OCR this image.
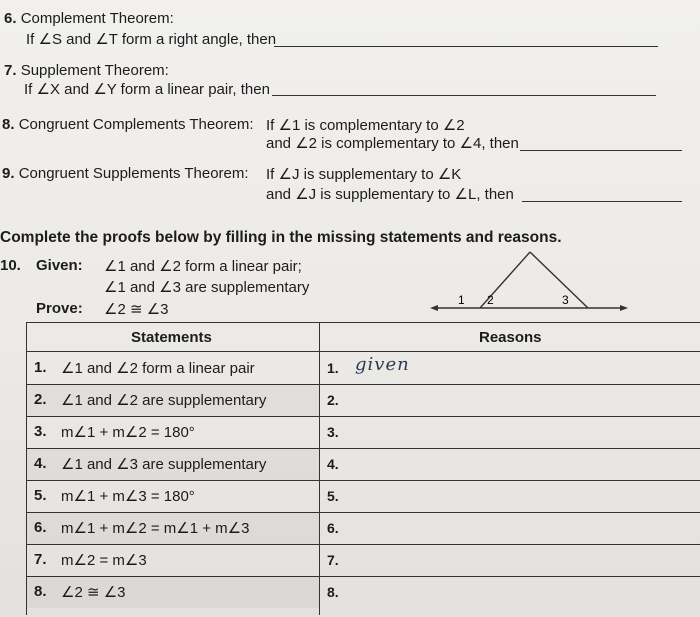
6. Complement Theorem:
If ∠S and ∠T form a right angle, then
7. Supplement Theorem:
If ∠X and ∠Y form a linear pair, then
8. Congruent Complements Theorem: If ∠1 is complementary to ∠2
and ∠2 is complementary to ∠4, then
9. Congruent Supplements Theorem: If ∠J is supplementary to ∠K
and ∠J is supplementary to ∠L, then
Complete the proofs below by filling in the missing statements and reasons.
10. Given: ∠1 and ∠2 form a linear pair;
∠1 and ∠3 are supplementary
Prove: ∠2 ≅ ∠3
1 2	3
Statements	Reasons
1. ∠1 and ∠2 form a linear pair	1. given
2. ∠1 and ∠2 are supplementary	2.
3. m∠1 + m∠2 = 180°	3.
4. ∠1 and ∠3 are supplementary	4.
5. m∠1 + m∠3 = 180°	5.
6. m∠1 + m∠2 = m∠1 + m∠3	6.
7. m∠2 = m∠3	7.
8. ∠2 ≅ ∠3	8.
